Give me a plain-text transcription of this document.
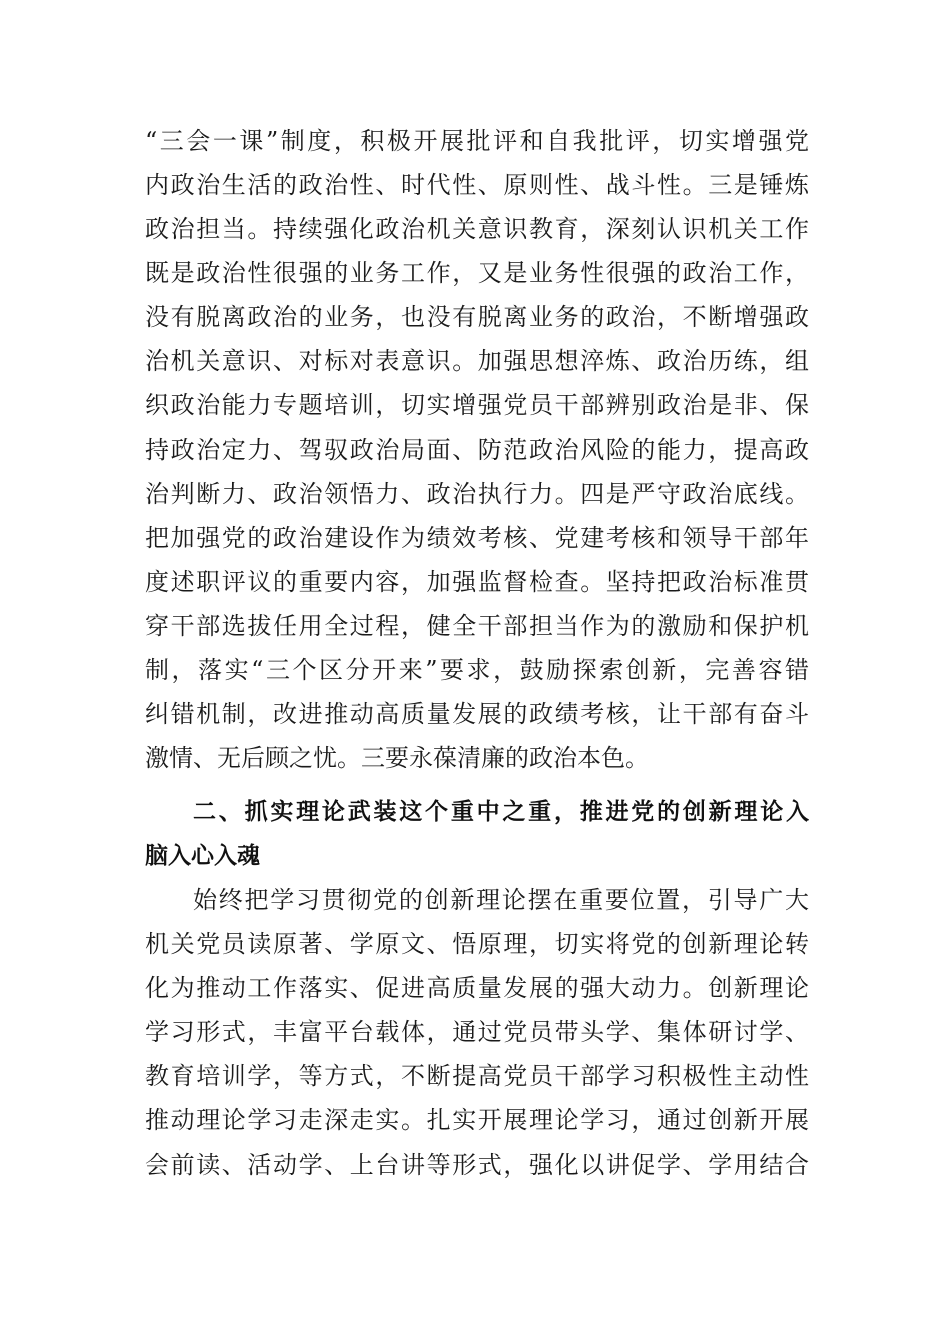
“三会一课”制度，积极开展批评和自我批评，切实增强党
内政治生活的政治性、时代性、原则性、战斗性。三是锤炼
政治担当。持续强化政治机关意识教育，深刻认识机关工作
既是政治性很强的业务工作，又是业务性很强的政治工作，
没有脱离政治的业务，也没有脱离业务的政治，不断增强政
治机关意识、对标对表意识。加强思想淬炼、政治历练，组
织政治能力专题培训，切实增强党员干部辨别政治是非、保
持政治定力、驾驭政治局面、防范政治风险的能力，提高政
治判断力、政治领悟力、政治执行力。四是严守政治底线。
把加强党的政治建设作为绩效考核、党建考核和领导干部年
度述职评议的重要内容，加强监督检查。坚持把政治标准贯
穿干部选拔任用全过程，健全干部担当作为的激励和保护机
制，落实“三个区分开来”要求，鼓励探索创新，完善容错
纠错机制，改进推动高质量发展的政绩考核，让干部有奋斗
激情、无后顾之忧。三要永葆清廉的政治本色。
二、抓实理论武装这个重中之重，推进党的创新理论入
脑入心入魂
始终把学习贯彻党的创新理论摆在重要位置，引导广大
机关党员读原著、学原文、悟原理，切实将党的创新理论转
化为推动工作落实、促进高质量发展的强大动力。创新理论
学习形式，丰富平台载体，通过党员带头学、集体研讨学、
教育培训学，等方式，不断提高党员干部学习积极性主动性
推动理论学习走深走实。扎实开展理论学习，通过创新开展
会前读、活动学、上台讲等形式，强化以讲促学、学用结合
